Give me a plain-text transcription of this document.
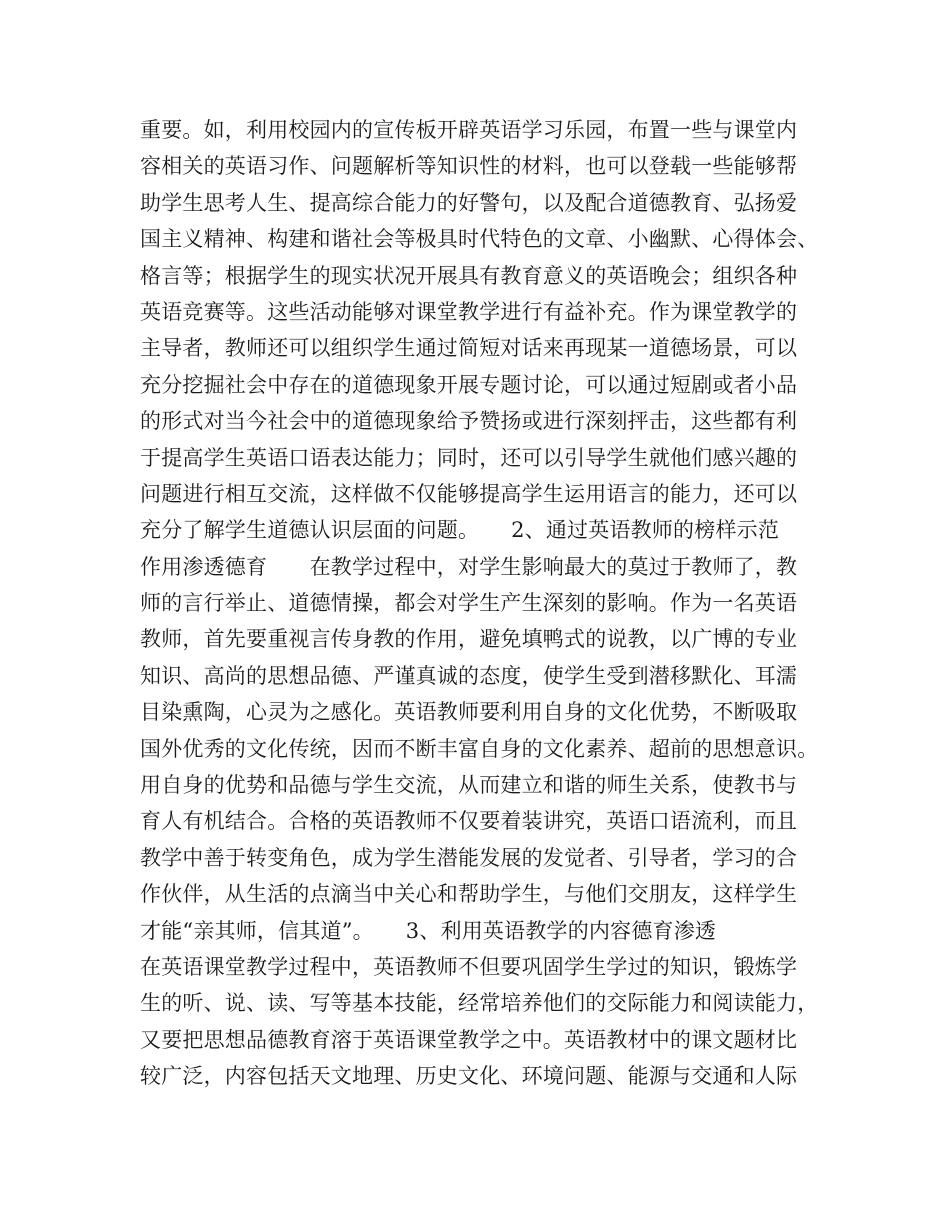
重要。如，利用校园内的宣传板开辟英语学习乐园，布置一些与课堂内
容相关的英语习作、问题解析等知识性的材料，也可以登载一些能够帮
助学生思考人生、提高综合能力的好警句，以及配合道德教育、弘扬爱
国主义精神、构建和谐社会等极具时代特色的文章、小幽默、心得体会、
格言等；根据学生的现实状况开展具有教育意义的英语晚会；组织各种
英语竞赛等。这些活动能够对课堂教学进行有益补充。作为课堂教学的
主导者，教师还可以组织学生通过简短对话来再现某一道德场景，可以
充分挖掘社会中存在的道德现象开展专题讨论，可以通过短剧或者小品
的形式对当今社会中的道德现象给予赞扬或进行深刻抨击，这些都有利
于提高学生英语口语表达能力；同时，还可以引导学生就他们感兴趣的
问题进行相互交流，这样做不仅能够提高学生运用语言的能力，还可以
充分了解学生道德认识层面的问题。　　2、通过英语教师的榜样示范
作用渗透德育　　在教学过程中，对学生影响最大的莫过于教师了，教
师的言行举止、道德情操，都会对学生产生深刻的影响。作为一名英语
教师，首先要重视言传身教的作用，避免填鸭式的说教，以广博的专业
知识、高尚的思想品德、严谨真诚的态度，使学生受到潜移默化、耳濡
目染熏陶，心灵为之感化。英语教师要利用自身的文化优势，不断吸取
国外优秀的文化传统，因而不断丰富自身的文化素养、超前的思想意识。
用自身的优势和品德与学生交流，从而建立和谐的师生关系，使教书与
育人有机结合。合格的英语教师不仅要着装讲究，英语口语流利，而且
教学中善于转变角色，成为学生潜能发展的发觉者、引导者，学习的合
作伙伴，从生活的点滴当中关心和帮助学生，与他们交朋友，这样学生
才能“亲其师，信其道”。　　3、利用英语教学的内容德育渗透
在英语课堂教学过程中，英语教师不但要巩固学生学过的知识，锻炼学
生的听、说、读、写等基本技能，经常培养他们的交际能力和阅读能力，
又要把思想品德教育溶于英语课堂教学之中。英语教材中的课文题材比
较广泛，内容包括天文地理、历史文化、环境问题、能源与交通和人际
